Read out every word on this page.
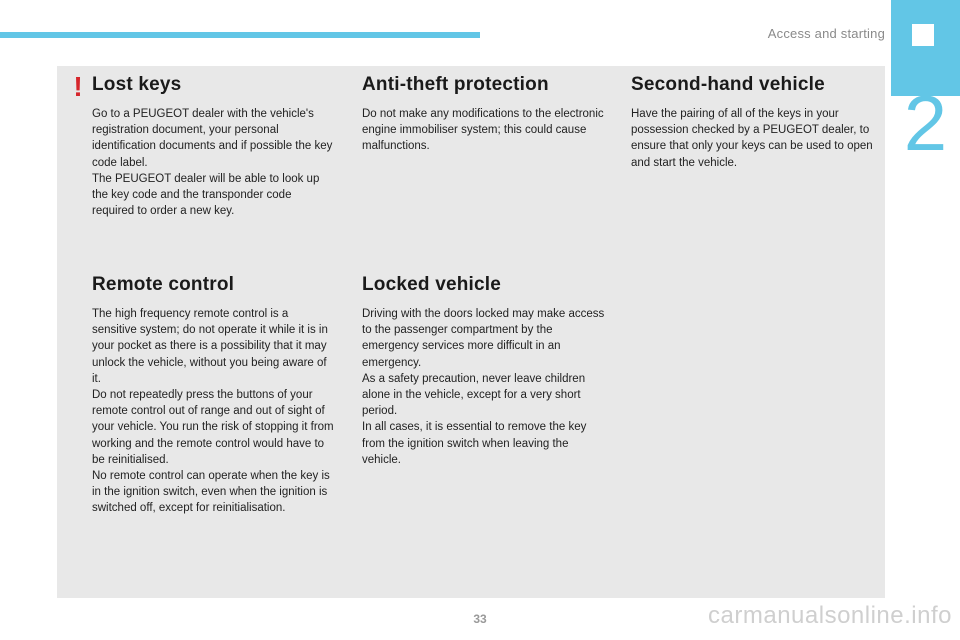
Access and starting
2
! Lost keys

Go to a PEUGEOT dealer with the vehicle's registration document, your personal identification documents and if possible the key code label.

The PEUGEOT dealer will be able to look up the key code and the transponder code required to order a new key.

Anti-theft protection

Do not make any modifications to the electronic engine immobiliser system; this could cause malfunctions.

Second-hand vehicle

Have the pairing of all of the keys in your possession checked by a PEUGEOT dealer, to ensure that only your keys can be used to open and start the vehicle.

Remote control

The high frequency remote control is a sensitive system; do not operate it while it is in your pocket as there is a possibility that it may unlock the vehicle, without you being aware of it.

Do not repeatedly press the buttons of your remote control out of range and out of sight of your vehicle. You run the risk of stopping it from working and the remote control would have to be reinitialised.

No remote control can operate when the key is in the ignition switch, even when the ignition is switched off, except for reinitialisation.

Locked vehicle

Driving with the doors locked may make access to the passenger compartment by the emergency services more difficult in an emergency.

As a safety precaution, never leave children alone in the vehicle, except for a very short period.

In all cases, it is essential to remove the key from the ignition switch when leaving the vehicle.

33	carmanualsonline.info
